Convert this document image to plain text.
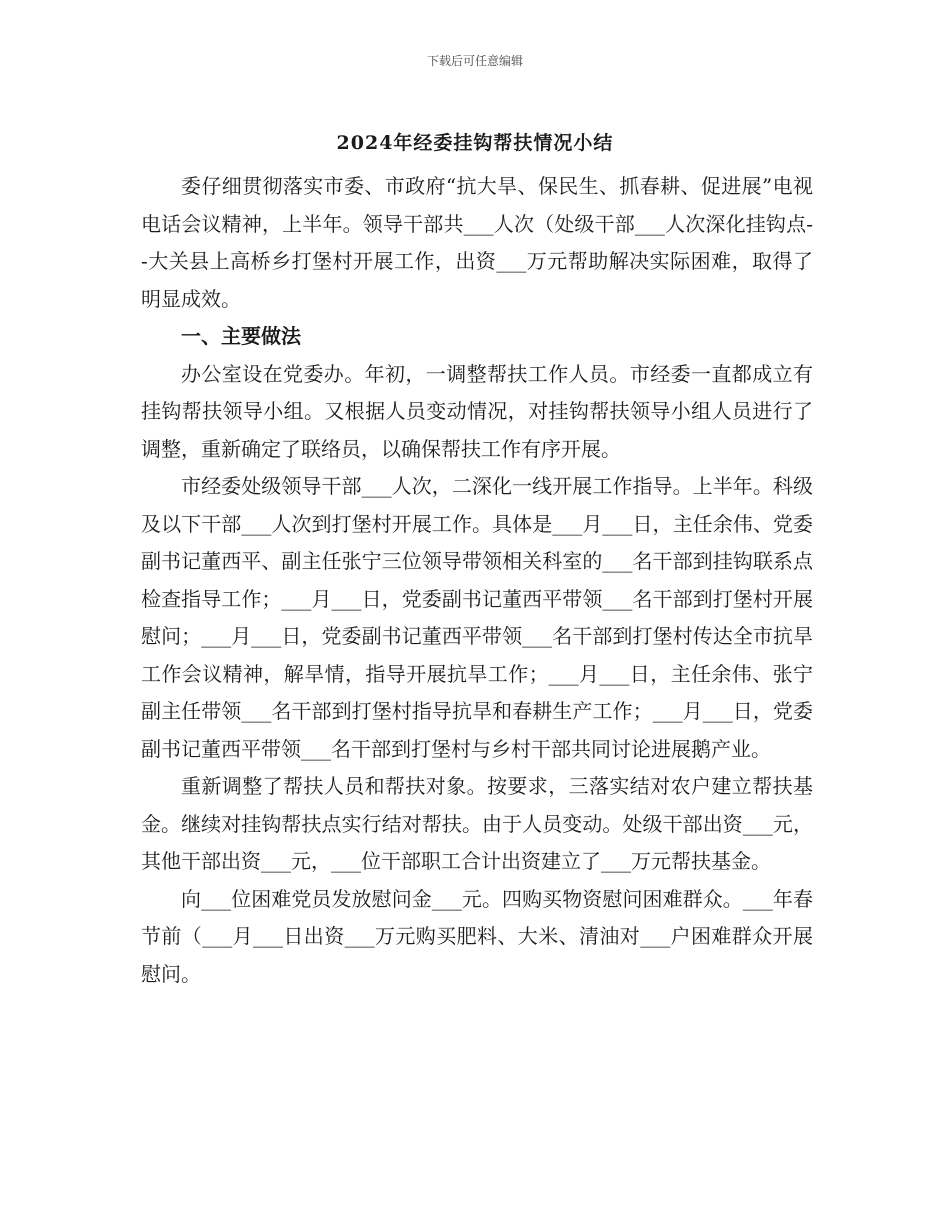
下载后可任意编辑
2024年经委挂钩帮扶情况小结

委仔细贯彻落实市委、市政府“抗大旱、保民生、抓春耕、促进展”电视电话会议精神，上半年。领导干部共___人次（处级干部___人次深化挂钩点--大关县上高桥乡打堡村开展工作，出资___万元帮助解决实际困难，取得了明显成效。

一、主要做法

办公室设在党委办。年初，一调整帮扶工作人员。市经委一直都成立有挂钩帮扶领导小组。又根据人员变动情况，对挂钩帮扶领导小组人员进行了调整，重新确定了联络员，以确保帮扶工作有序开展。

市经委处级领导干部___人次，二深化一线开展工作指导。上半年。科级及以下干部___人次到打堡村开展工作。具体是___月___日，主任余伟、党委副书记董西平、副主任张宁三位领导带领相关科室的___名干部到挂钩联系点检查指导工作；___月___日，党委副书记董西平带领___名干部到打堡村开展慰问；___月___日，党委副书记董西平带领___名干部到打堡村传达全市抗旱工作会议精神，解旱情，指导开展抗旱工作；___月___日，主任余伟、张宁副主任带领___名干部到打堡村指导抗旱和春耕生产工作；___月___日，党委副书记董西平带领___名干部到打堡村与乡村干部共同讨论进展鹅产业。

重新调整了帮扶人员和帮扶对象。按要求，三落实结对农户建立帮扶基金。继续对挂钩帮扶点实行结对帮扶。由于人员变动。处级干部出资___元，其他干部出资___元，___位干部职工合计出资建立了___万元帮扶基金。

向___位困难党员发放慰问金___元。四购买物资慰问困难群众。___年春节前（___月___日出资___万元购买肥料、大米、清油对___户困难群众开展慰问。
